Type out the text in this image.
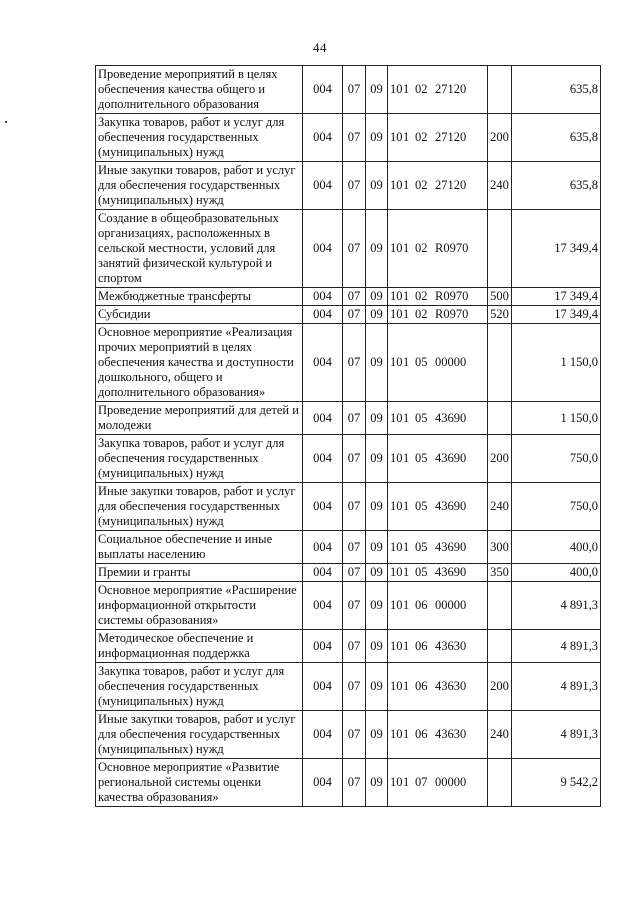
44
Проведение мероприятий в целях обеспечения качества общего и дополнительного образования	004	07	09	101 02 27120		635,8
Закупка товаров, работ и услуг для обеспечения государственных (муниципальных) нужд	004	07	09	101 02 27120	200	635,8
Иные закупки товаров, работ и услуг для обеспечения государственных (муниципальных) нужд	004	07	09	101 02 27120	240	635,8
Создание в общеобразовательных организациях, расположенных в сельской местности, условий для занятий физической культурой и спортом	004	07	09	101 02 R0970		17 349,4
Межбюджетные трансферты	004	07	09	101 02 R0970	500	17 349,4
Субсидии	004	07	09	101 02 R0970	520	17 349,4
Основное мероприятие «Реализация прочих мероприятий в целях обеспечения качества и доступности дошкольного, общего и дополнительного образования»	004	07	09	101 05 00000		1 150,0
Проведение мероприятий для детей и молодежи	004	07	09	101 05 43690		1 150,0
Закупка товаров, работ и услуг для обеспечения государственных (муниципальных) нужд	004	07	09	101 05 43690	200	750,0
Иные закупки товаров, работ и услуг для обеспечения государственных (муниципальных) нужд	004	07	09	101 05 43690	240	750,0
Социальное обеспечение и иные выплаты населению	004	07	09	101 05 43690	300	400,0
Премии и гранты	004	07	09	101 05 43690	350	400,0
Основное мероприятие «Расширение информационной открытости системы образования»	004	07	09	101 06 00000		4 891,3
Методическое обеспечение и информационная поддержка	004	07	09	101 06 43630		4 891,3
Закупка товаров, работ и услуг для обеспечения государственных (муниципальных) нужд	004	07	09	101 06 43630	200	4 891,3
Иные закупки товаров, работ и услуг для обеспечения государственных (муниципальных) нужд	004	07	09	101 06 43630	240	4 891,3
Основное мероприятие «Развитие региональной системы оценки качества образования»	004	07	09	101 07 00000		9 542,2
